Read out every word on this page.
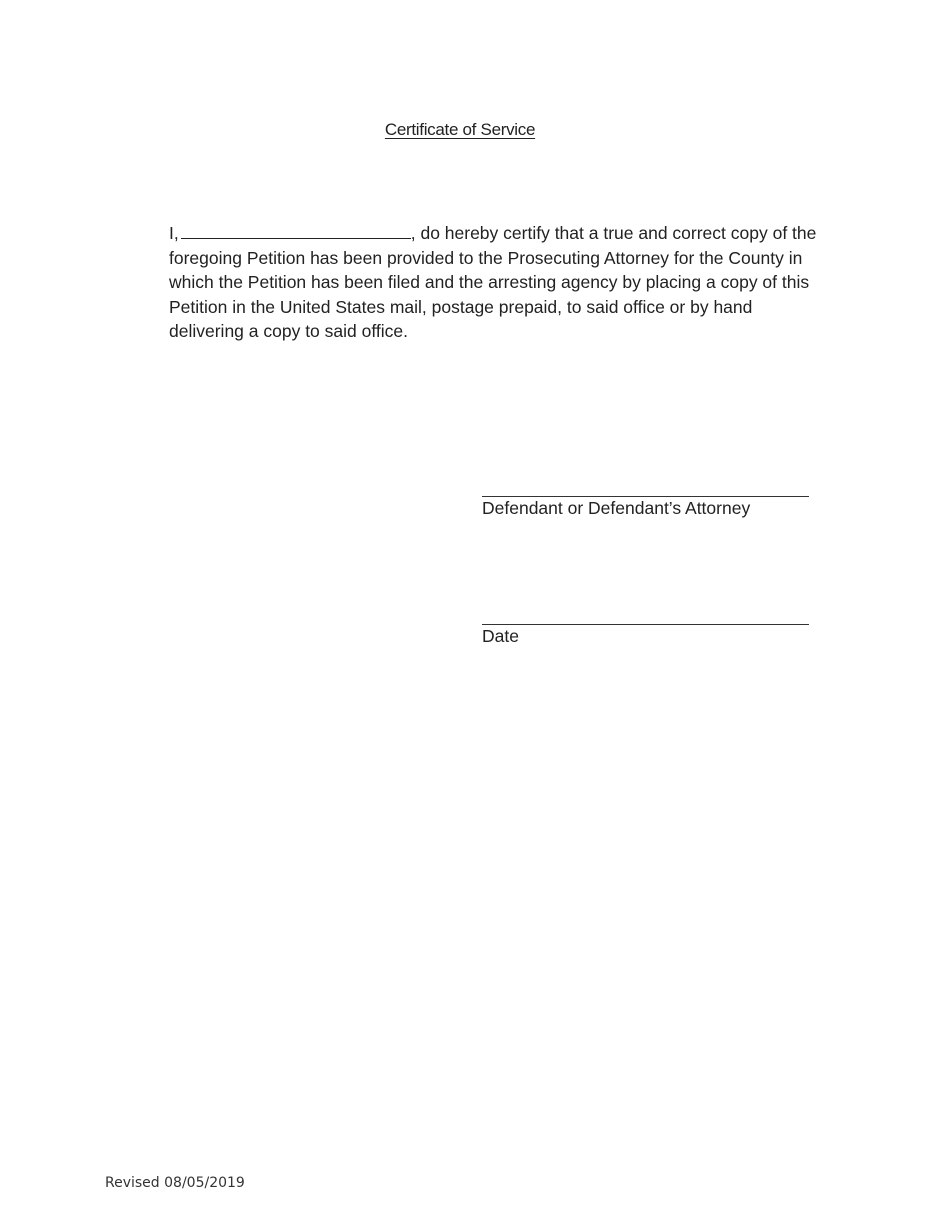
Certificate of Service

I,	, do hereby certify that a true and correct copy of the

foregoing Petition has been provided to the Prosecuting Attorney for the County in

which the Petition has been filed and the arresting agency by placing a copy of this

Petition in the United States mail, postage prepaid, to said office or by hand

delivering a copy to said office.

Defendant or Defendant’s Attorney
Date
Revised 08/05/2019
